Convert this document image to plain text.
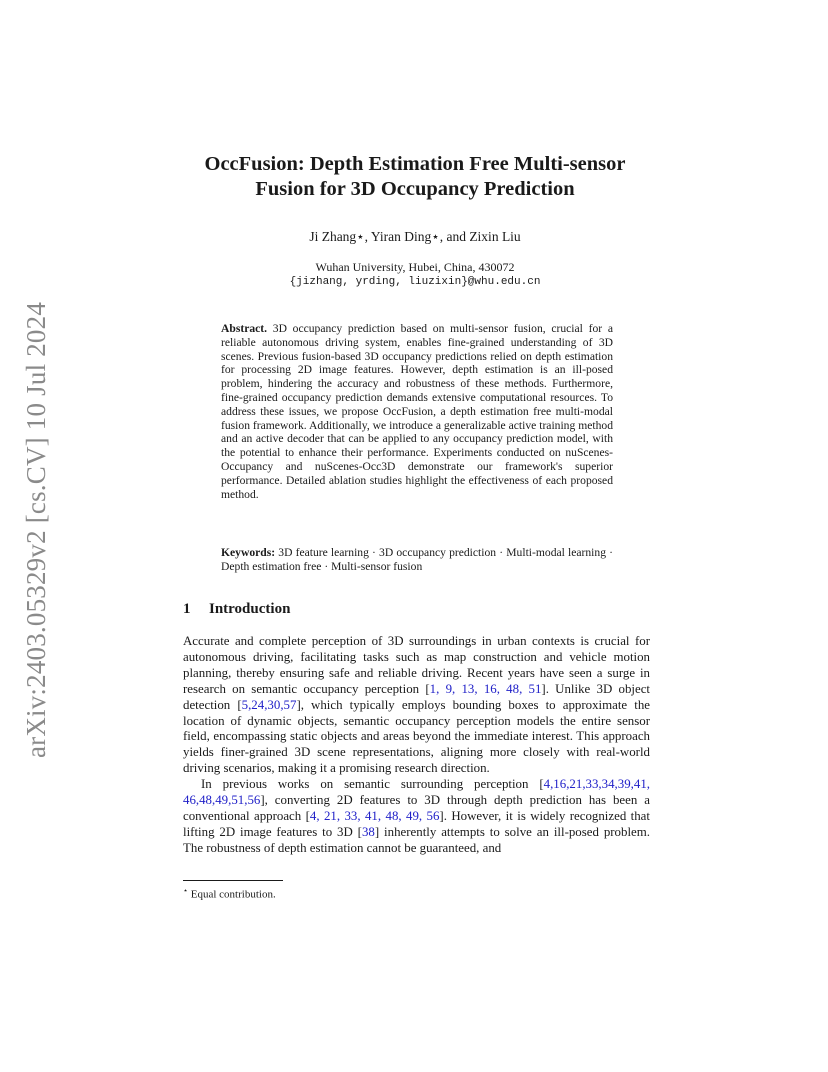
arXiv:2403.05329v2 [cs.CV] 10 Jul 2024
OccFusion: Depth Estimation Free Multi-sensor
Fusion for 3D Occupancy Prediction
Ji Zhang⋆, Yiran Ding⋆, and Zixin Liu
Wuhan University, Hubei, China, 430072
{jizhang, yrding, liuzixin}@whu.edu.cn
Abstract. 3D occupancy prediction based on multi-sensor fusion, crucial for a reliable autonomous driving system, enables fine-grained understanding of 3D scenes. Previous fusion-based 3D occupancy predictions relied on depth estimation for processing 2D image features. However, depth estimation is an ill-posed problem, hindering the accuracy and robustness of these methods. Furthermore, fine-grained occupancy prediction demands extensive computational resources. To address these issues, we propose OccFusion, a depth estimation free multi-modal fusion framework. Additionally, we introduce a generalizable active training method and an active decoder that can be applied to any occupancy prediction model, with the potential to enhance their performance. Experiments conducted on nuScenes-Occupancy and nuScenes-Occ3D demonstrate our framework's superior performance. Detailed ablation studies highlight the effectiveness of each proposed method.
Keywords: 3D feature learning · 3D occupancy prediction · Multi-modal learning · Depth estimation free · Multi-sensor fusion
1 Introduction

Accurate and complete perception of 3D surroundings in urban contexts is crucial for autonomous driving, facilitating tasks such as map construction and vehicle motion planning, thereby ensuring safe and reliable driving. Recent years have seen a surge in research on semantic occupancy perception [1, 9, 13, 16, 48, 51]. Unlike 3D object detection [5,24,30,57], which typically employs bounding boxes to approximate the location of dynamic objects, semantic occupancy perception models the entire sensor field, encompassing static objects and areas beyond the immediate interest. This approach yields finer-grained 3D scene representations, aligning more closely with real-world driving scenarios, making it a promising research direction.

In previous works on semantic surrounding perception [4,16,21,33,34,39,41, 46,48,49,51,56], converting 2D features to 3D through depth prediction has been a conventional approach [4, 21, 33, 41, 48, 49, 56]. However, it is widely recognized that lifting 2D image features to 3D [38] inherently attempts to solve an ill-posed problem. The robustness of depth estimation cannot be guaranteed, and

⋆ Equal contribution.
